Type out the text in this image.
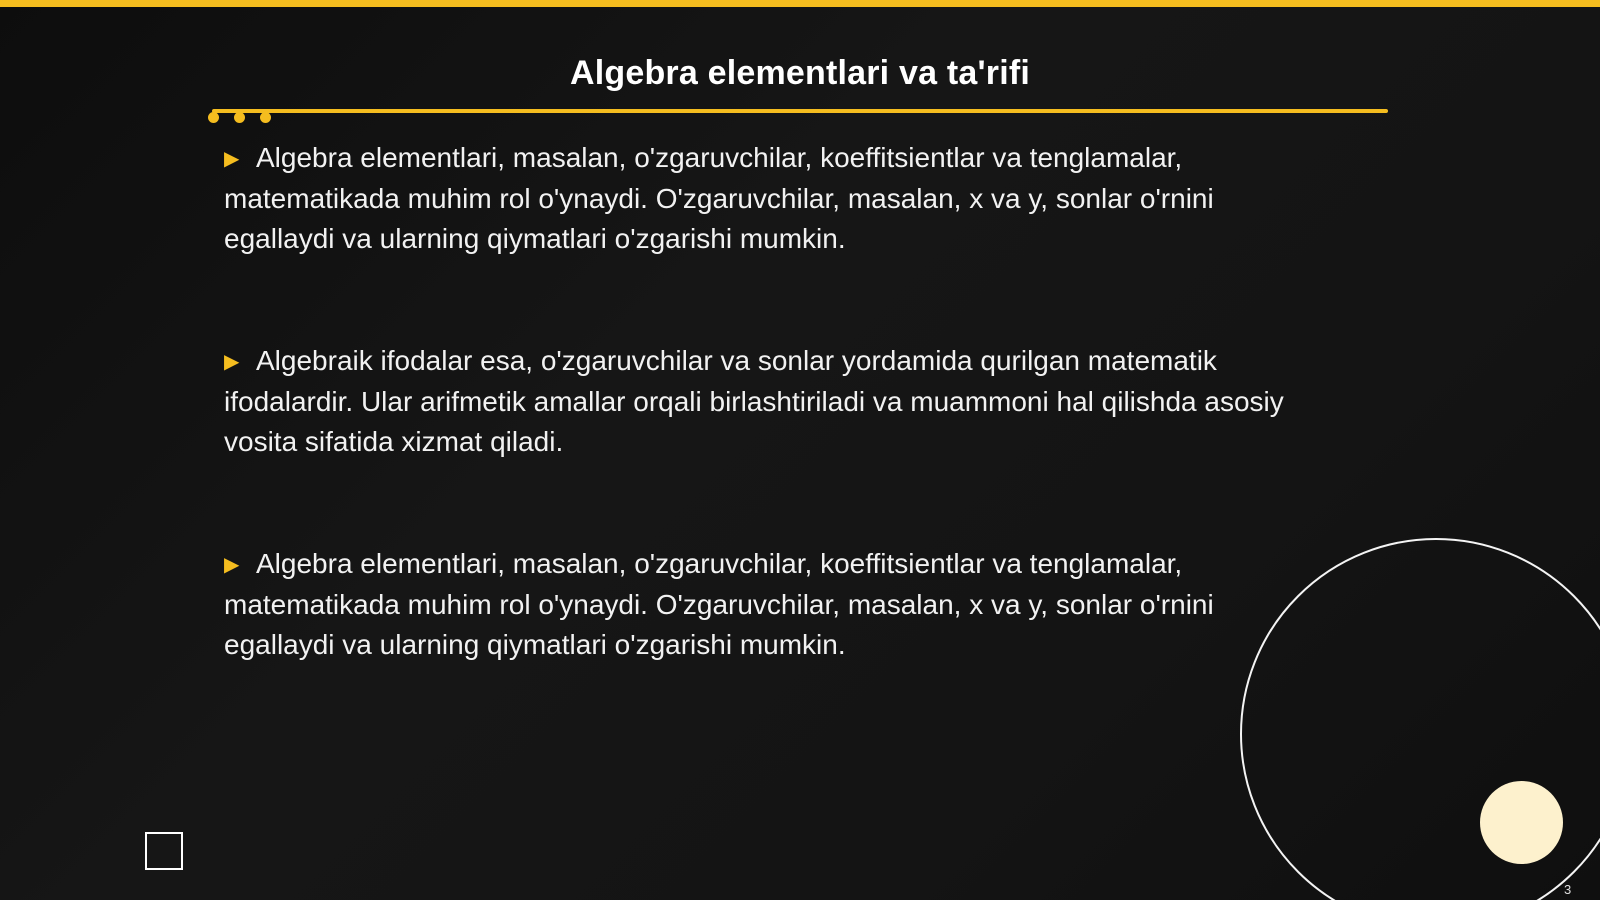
Algebra elementlari va ta'rifi
▶ Algebra elementlari, masalan, o'zgaruvchilar, koeffitsientlar va tenglamalar, matematikada muhim rol o'ynaydi. O'zgaruvchilar, masalan, x va y, sonlar o'rnini egallaydi va ularning qiymatlari o'zgarishi mumkin.
▶ Algebraik ifodalar esa, o'zgaruvchilar va sonlar yordamida qurilgan matematik ifodalardir. Ular arifmetik amallar orqali birlashtiriladi va muammoni hal qilishda asosiy vosita sifatida xizmat qiladi.
▶ Algebra elementlari, masalan, o'zgaruvchilar, koeffitsientlar va tenglamalar, matematikada muhim rol o'ynaydi. O'zgaruvchilar, masalan, x va y, sonlar o'rnini egallaydi va ularning qiymatlari o'zgarishi mumkin.
3
